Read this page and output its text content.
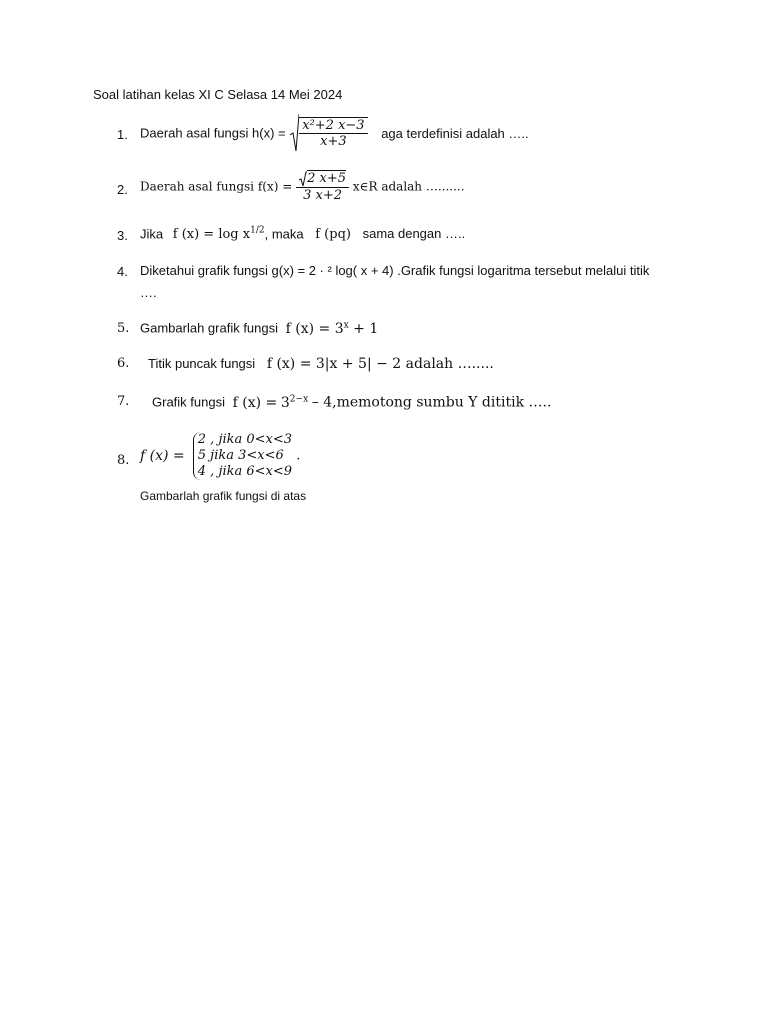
Soal latihan kelas XI C Selasa 14 Mei 2024
1. Daerah asal fungsi $h(x) = \frac{\text{x²+2 x−3}}{x+3}$ aga terdefinisi adalah …..
2. Daerah asal fungsi $f(x) = \frac{2 x+5}{3 x+2}$ x∈R adalah ….......
3. Jika f $(x) = \log x^{1/2}$, maka f (pq) sama dengan …..
4. Diketahui grafik fungsi g(x) = 2 · ² log( x + 4) .Grafik fungsi logaritma tersebut melalui titik
….
5. Gambarlah grafik fungsi f $(x) = 3^x + 1$
6. Titik puncak fungsi f (x) = 3|x + 5| − 2 adalah ….....
7. Grafik fungsi f $(x) = 3^{2-x}$ – 4,memotong sumbu Y dititik …..
8. f (x) =
2 , jika 0<x<3
5 jika 3<x<6
4 , jika 6<x<9
.
Gambarlah grafik fungsi di atas
